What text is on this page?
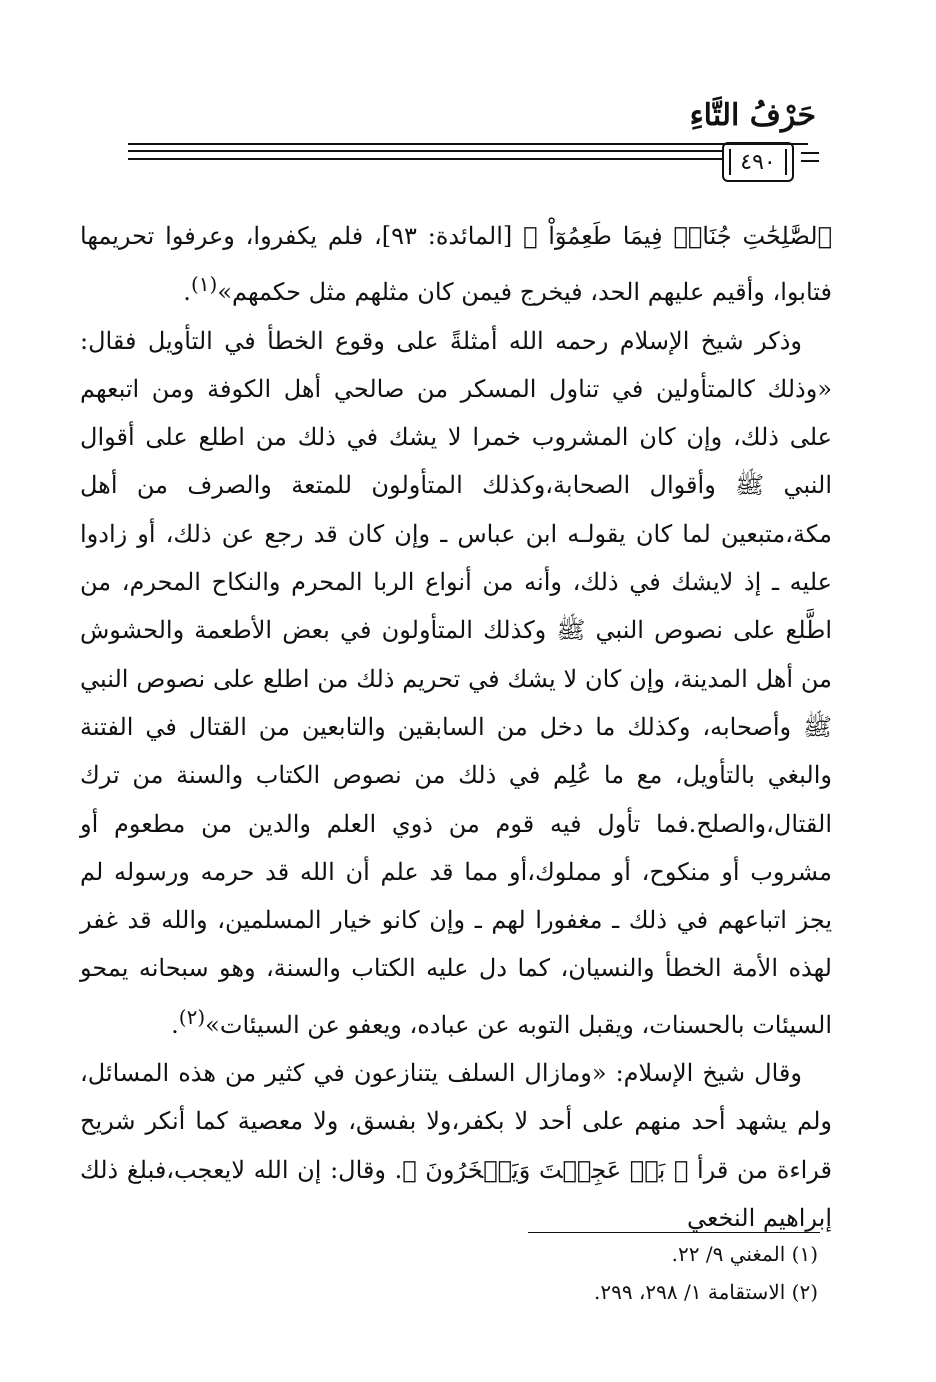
حَرْفُ التَّاءِ
٤٩٠

ﭐلصَّٰلِحَٰتِ جُنَاحٞ فِيمَا طَعِمُوٓاْ ﴾ [المائدة: ٩٣]، فلم يكفروا، وعرفوا تحريمها فتابوا، وأقيم عليهم الحد، فيخرج فيمن كان مثلهم مثل حكمهم»$^{(١)}$.

وذكر شيخ الإسلام رحمه الله أمثلةً على وقوع الخطأ في التأويل فقال: «وذلك كالمتأولين في تناول المسكر من صالحي أهل الكوفة ومن اتبعهم على ذلك، وإن كان المشروب خمرا لا يشك في ذلك من اطلع على أقوال النبي ﷺ وأقوال الصحابة،وكذلك المتأولون للمتعة والصرف من أهل مكة،متبعين لما كان يقولـه ابن عباس ـ وإن كان قد رجع عن ذلك، أو زادوا عليه ـ إذ لايشك في ذلك، وأنه من أنواع الربا المحرم والنكاح المحرم، من اطَّلع على نصوص النبي ﷺ وكذلك المتأولون في بعض الأطعمة والحشوش من أهل المدينة، وإن كان لا يشك في تحريم ذلك من اطلع على نصوص النبي ﷺ وأصحابه، وكذلك ما دخل من السابقين والتابعين من القتال في الفتنة والبغي بالتأويل، مع ما عُلِم في ذلك من نصوص الكتاب والسنة من ترك القتال،والصلح.فما تأول فيه قوم من ذوي العلم والدين من مطعوم أو مشروب أو منكوح، أو مملوك،أو مما قد علم أن الله قد حرمه ورسوله لم يجز اتباعهم في ذلك ـ مغفورا لهم ـ وإن كانو خيار المسلمين، والله قد غفر لهذه الأمة الخطأ والنسيان، كما دل عليه الكتاب والسنة، وهو سبحانه يمحو السيئات بالحسنات، ويقبل التوبه عن عباده، ويعفو عن السيئات»$^{(٢)}$.

وقال شيخ الإسلام: «ومازال السلف يتنازعون في كثير من هذه المسائل، ولم يشهد أحد منهم على أحد لا بكفر،ولا بفسق، ولا معصية كما أنكر شريح قراءة من قرأ ﴿ بَلۡ عَجِبۡتَ وَيَسۡخَرُونَ ﴾. وقال: إن الله لايعجب،فبلغ ذلك إبراهيم النخعي

(١) المغني ٩/ ٢٢.
(٢) الاستقامة ١/ ٢٩٨، ٢٩٩.
